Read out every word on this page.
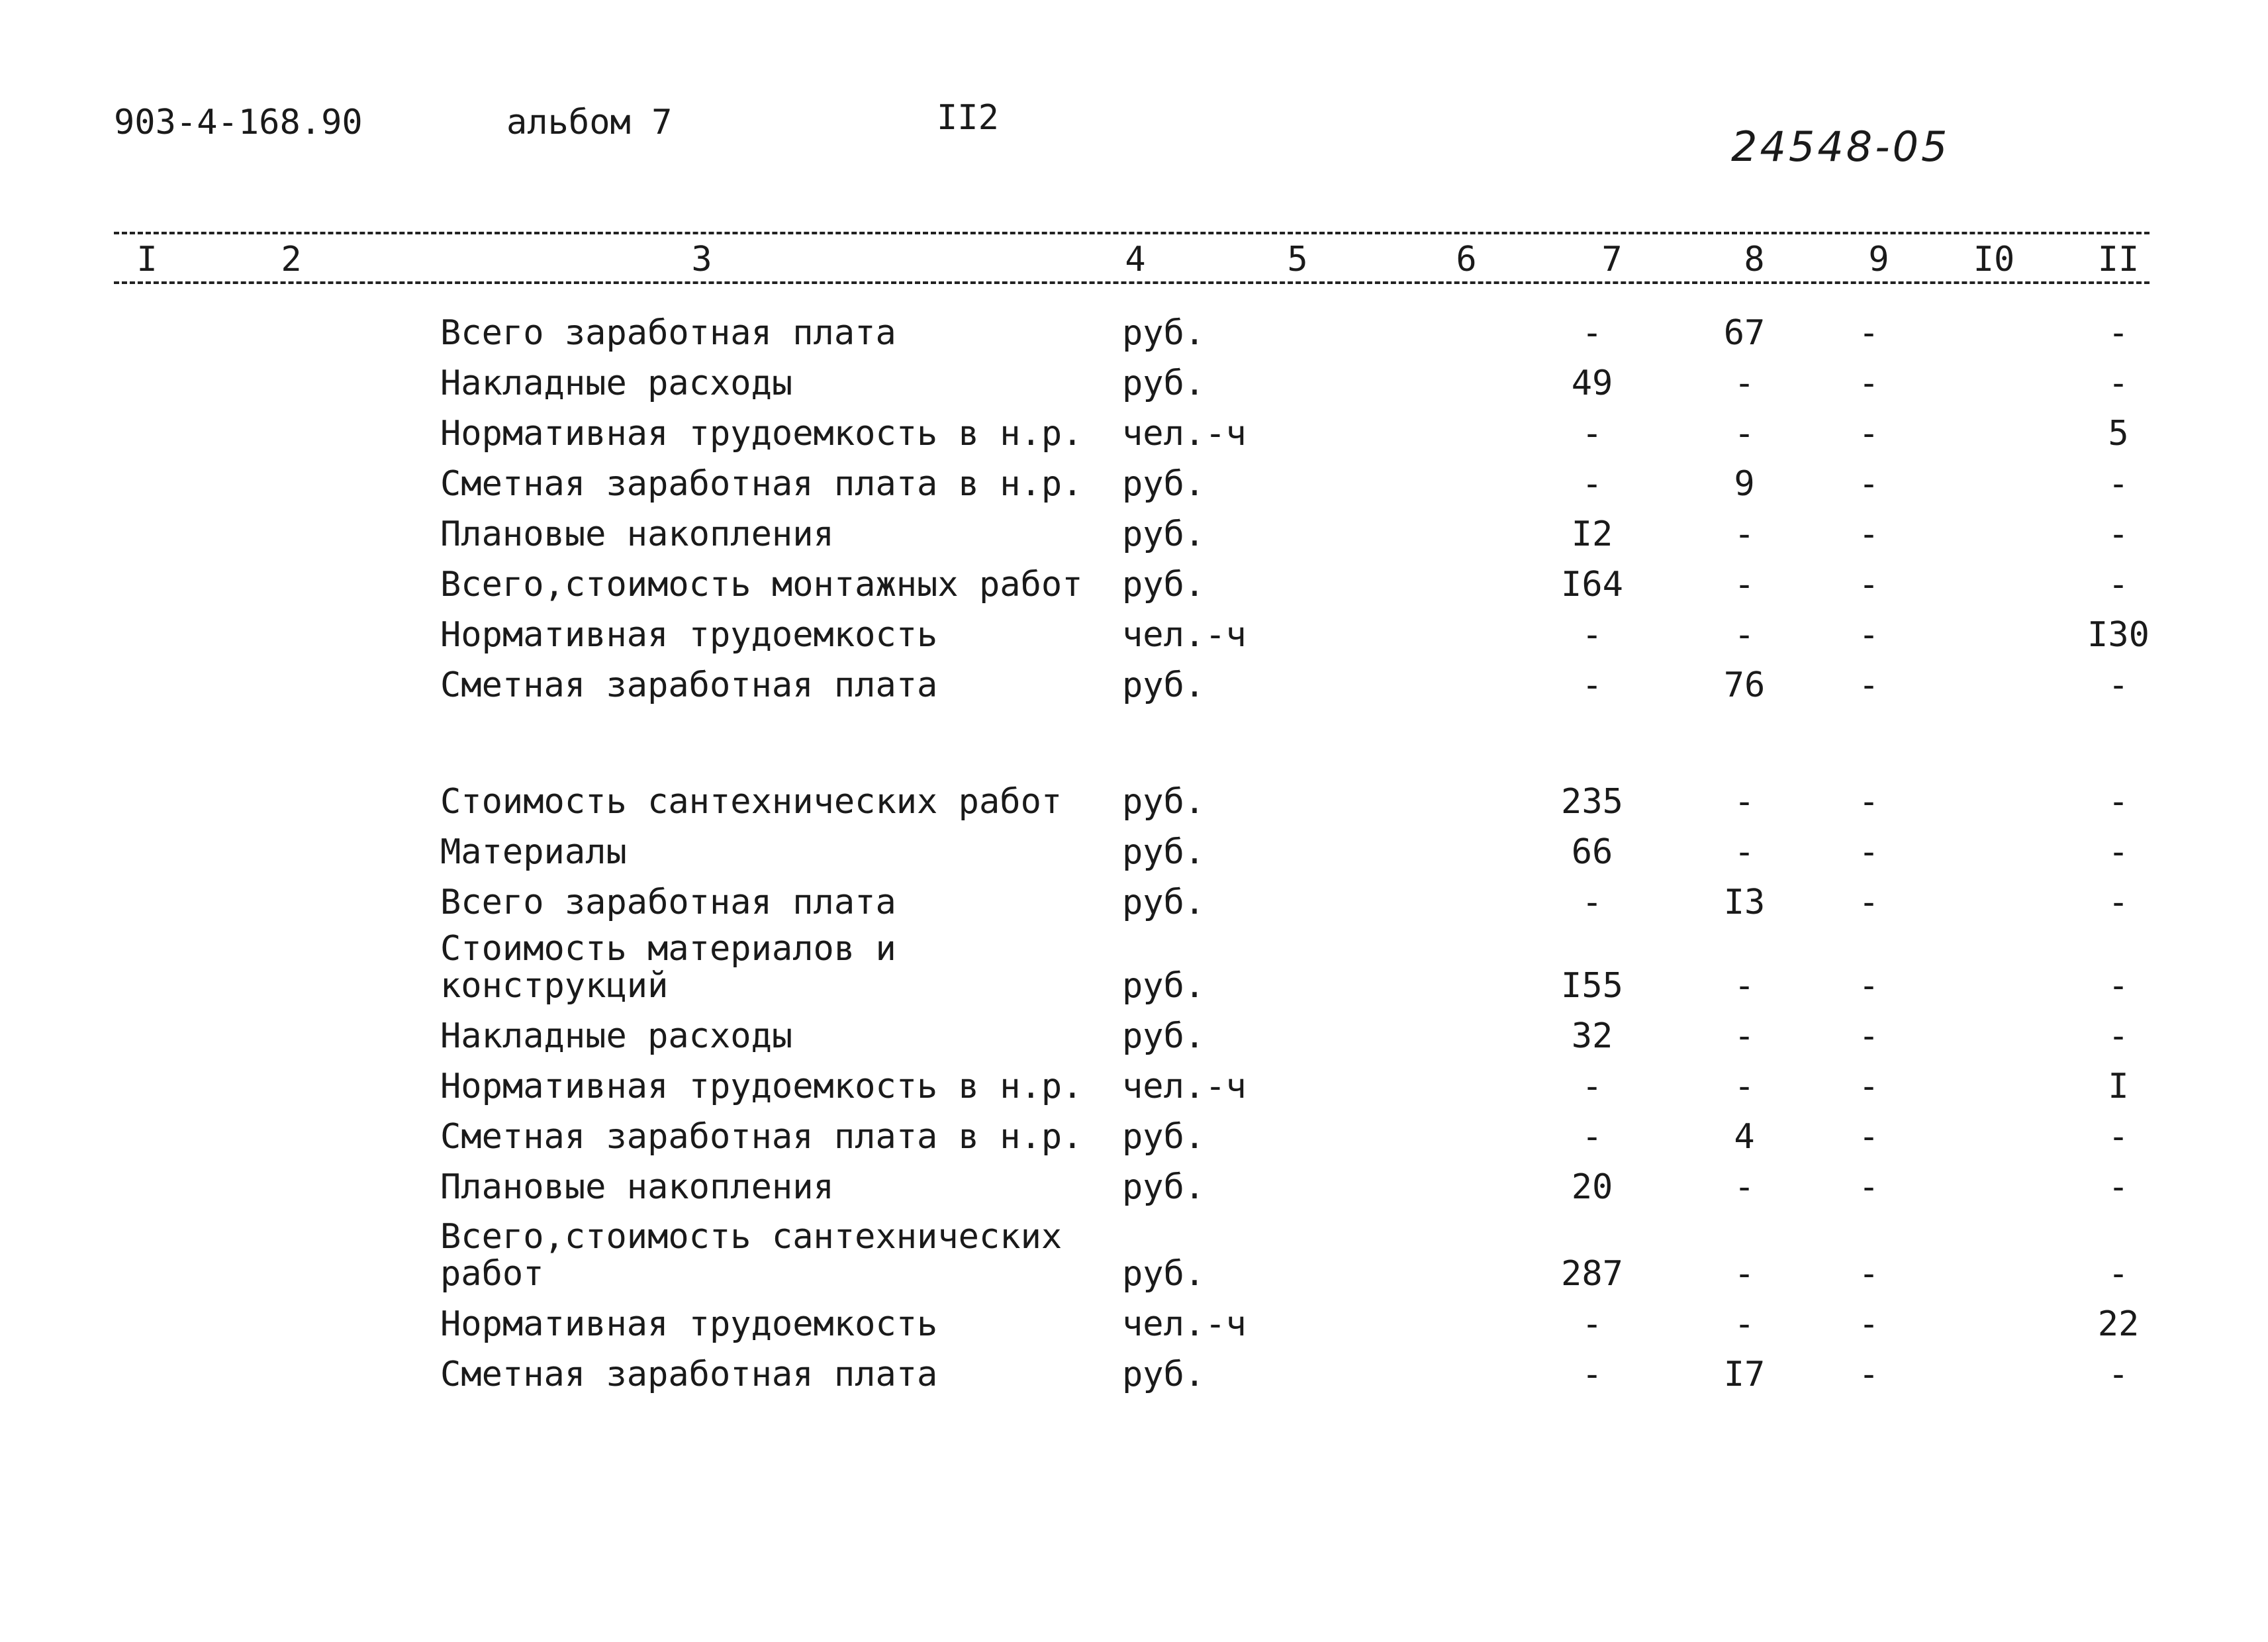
903-4-168.90	альбом 7	II2
24548-05
I	2	3	4	5	6	7	8	9	I0	II
Всего заработная плата	руб.	-	67	-	-
Накладные расходы	руб.	49	-	-	-
Нормативная трудоемкость в н.р. чел.-ч	-	-	-	5
Сметная заработная плата в н.р. руб.	-	9	-	-
Плановые накопления	руб.	I2	-	-	-
Всего,стоимость монтажных работ руб.	I64	-	-	-
Нормативная трудоемкость	чел.-ч	-	-	-	I30
Сметная заработная плата	руб.	-	76	-	-
Стоимость сантехнических работ руб.	235	-	-	-
Материалы	руб.	66	-	-	-
Всего заработная плата	руб.	-	I3	-	-
Стоимость материалов и
конструкций	руб.	I55	-	-	-
Накладные расходы	руб.	32	-	-	-
Нормативная трудоемкость в н.р. чел.-ч	-	-	-	I
Сметная заработная плата в н.р. руб.	-	4	-	-
Плановые накопления	руб.	20	-	-	-
Всего,стоимость сантехнических
работ	руб.	287	-	-	-
Нормативная трудоемкость	чел.-ч	-	-	-	22
Сметная заработная плата	руб.	-	I7	-	-
